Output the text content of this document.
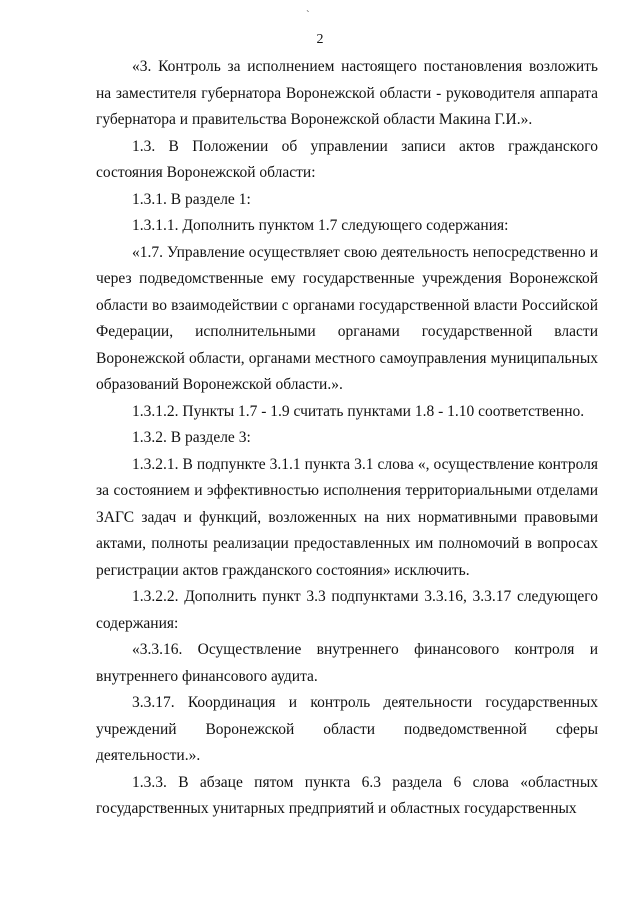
`
2

«3. Контроль за исполнением настоящего постановления возложить на заместителя губернатора Воронежской области - руководителя аппарата губернатора и правительства Воронежской области Макина Г.И.».

1.3. В Положении об управлении записи актов гражданского состояния Воронежской области:

1.3.1. В разделе 1:

1.3.1.1. Дополнить пунктом 1.7 следующего содержания:

«1.7. Управление осуществляет свою деятельность непосредственно и через подведомственные ему государственные учреждения Воронежской области во взаимодействии с органами государственной власти Российской Федерации, исполнительными органами государственной власти Воронежской области, органами местного самоуправления муниципальных образований Воронежской области.».

1.3.1.2. Пункты 1.7 - 1.9 считать пунктами 1.8 - 1.10 соответственно.

1.3.2. В разделе 3:

1.3.2.1. В подпункте 3.1.1 пункта 3.1 слова «, осуществление контроля за состоянием и эффективностью исполнения территориальными отделами ЗАГС задач и функций, возложенных на них нормативными правовыми актами, полноты реализации предоставленных им полномочий в вопросах регистрации актов гражданского состояния» исключить.

1.3.2.2. Дополнить пункт 3.3 подпунктами 3.3.16, 3.3.17 следующего содержания:

«3.3.16. Осуществление внутреннего финансового контроля и внутреннего финансового аудита.

3.3.17. Координация и контроль деятельности государственных учреждений Воронежской области подведомственной сферы деятельности.».

1.3.3. В абзаце пятом пункта 6.3 раздела 6 слова «областных государственных унитарных предприятий и областных государственных
